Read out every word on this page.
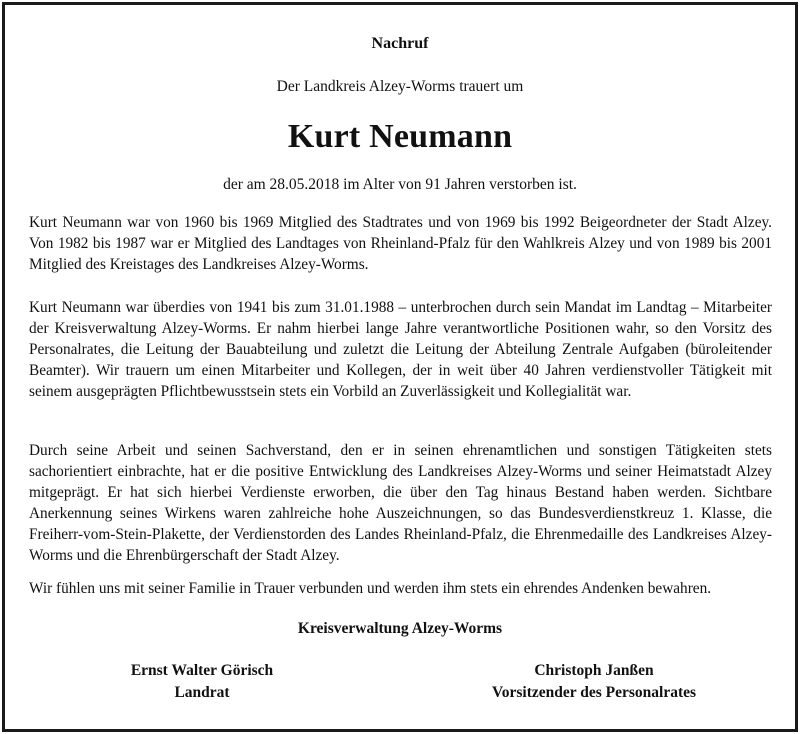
Nachruf
Der Landkreis Alzey-Worms trauert um
Kurt Neumann
der am 28.05.2018 im Alter von 91 Jahren verstorben ist.

Kurt Neumann war von 1960 bis 1969 Mitglied des Stadtrates und von 1969 bis 1992 Beigeordneter der Stadt Alzey. Von 1982 bis 1987 war er Mitglied des Landtages von Rheinland-Pfalz für den Wahlkreis Alzey und von 1989 bis 2001 Mitglied des Kreistages des Landkreises Alzey-Worms.

Kurt Neumann war überdies von 1941 bis zum 31.01.1988 – unterbrochen durch sein Mandat im Landtag – Mitarbeiter der Kreisverwaltung Alzey-Worms. Er nahm hierbei lange Jahre verantwortliche Positionen wahr, so den Vorsitz des Personalrates, die Leitung der Bauabteilung und zuletzt die Leitung der Abteilung Zentrale Aufgaben (büroleitender Beamter). Wir trauern um einen Mitarbeiter und Kollegen, der in weit über 40 Jahren verdienstvoller Tätigkeit mit seinem ausgeprägten Pflichtbewusstsein stets ein Vorbild an Zuverlässigkeit und Kollegialität war.

Durch seine Arbeit und seinen Sachverstand, den er in seinen ehrenamtlichen und sonstigen Tätigkeiten stets sachorientiert einbrachte, hat er die positive Entwicklung des Landkreises Alzey-Worms und seiner Heimatstadt Alzey mitgeprägt. Er hat sich hierbei Verdienste erworben, die über den Tag hinaus Bestand haben werden. Sichtbare Anerkennung seines Wirkens waren zahlreiche hohe Auszeichnungen, so das Bundesverdienstkreuz 1. Klasse, die Freiherr-vom-Stein-Plakette, der Verdienstorden des Landes Rheinland-Pfalz, die Ehrenmedaille des Landkreises Alzey-Worms und die Ehrenbürgerschaft der Stadt Alzey.

Wir fühlen uns mit seiner Familie in Trauer verbunden und werden ihm stets ein ehrendes Andenken bewahren.

Kreisverwaltung Alzey-Worms
Ernst Walter Görisch
Landrat
Christoph Janßen
Vorsitzender des Personalrates
